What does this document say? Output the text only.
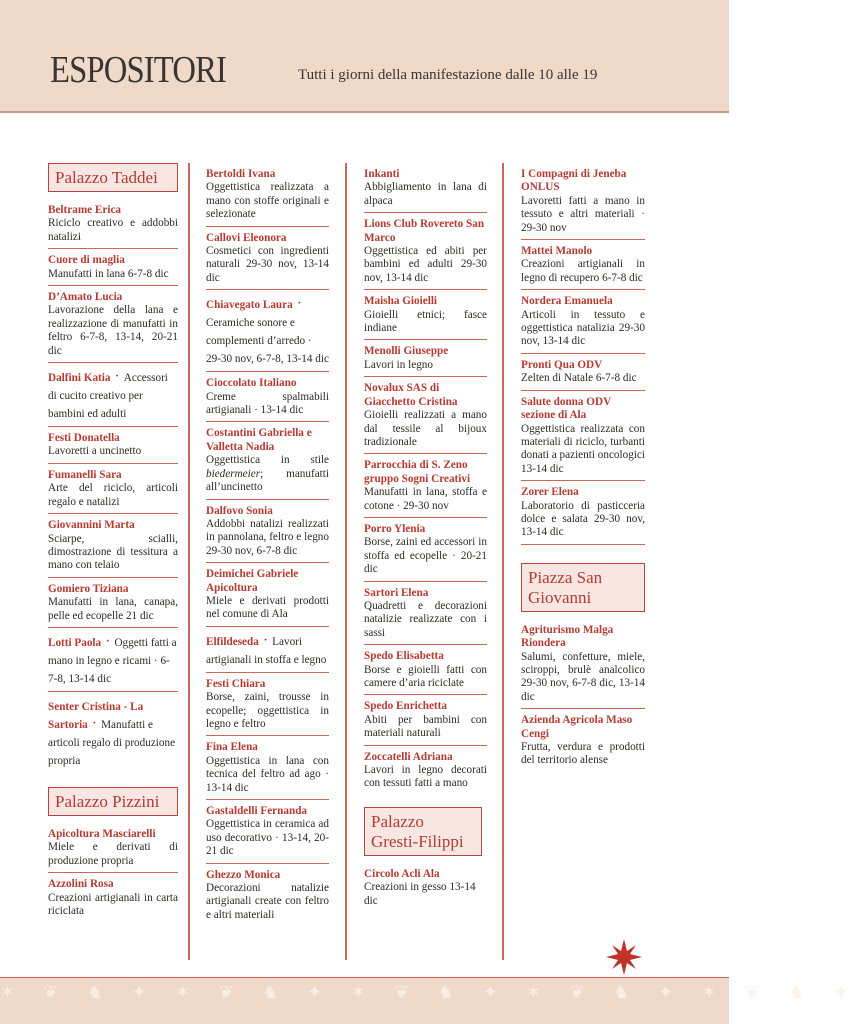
ESPOSITORI	Tutti i giorni della manifestazione dalle 10 alle 19
Palazzo Taddei
Beltrame Erica
Riciclo creativo e addobbi natalizi
Cuore di maglia
Manufatti in lana 6-7-8 dic
D’Amato Lucia
Lavorazione della lana e realizzazione di manufatti in feltro 6-7-8, 13-14, 20-21 dic
Dalfini Katia · Accessori di cucito creativo per bambini ed adulti
Festi Donatella
Lavoretti a uncinetto
Fumanelli Sara
Arte del riciclo, articoli regalo e natalizi
Giovannini Marta
Sciarpe, scialli, dimostrazione di tessitura a mano con telaio
Gomiero Tiziana
Manufatti in lana, canapa, pelle ed ecopelle 21 dic
Lotti Paola · Oggetti fatti a mano in legno e ricami · 6-7-8, 13-14 dic
Senter Cristina - La Sartoria · Manufatti e articoli regalo di produzione propria
Palazzo Pizzini
Apicoltura Masciarelli
Miele e derivati di produzione propria
Azzolini Rosa
Creazioni artigianali in carta riciclata
Bertoldi Ivana
Oggettistica realizzata a mano con stoffe originali e selezionate
Callovi Eleonora
Cosmetici con ingredienti naturali 29-30 nov, 13-14 dic
Chiavegato Laura · Ceramiche sonore e complementi d’arredo · 29-30 nov, 6-7-8, 13-14 dic
Cioccolato Italiano
Creme spalmabili artigianali · 13-14 dic
Costantini Gabriella e Valletta Nadia
Oggettistica in stile biedermeier; manufatti all’uncinetto
Dalfovo Sonia
Addobbi natalizi realizzati in pannolana, feltro e legno 29-30 nov, 6-7-8 dic
Deimichei Gabriele Apicoltura
Miele e derivati prodotti nel comune di Ala
Elfildeseda · Lavori artigianali in stoffa e legno
Festi Chiara
Borse, zaini, trousse in ecopelle; oggettistica in legno e feltro
Fina Elena
Oggettistica in lana con tecnica del feltro ad ago · 13-14 dic
Gastaldelli Fernanda
Oggettistica in ceramica ad uso decorativo · 13-14, 20-21 dic
Ghezzo Monica
Decorazioni natalizie artigianali create con feltro e altri materiali
Inkanti
Abbigliamento in lana di alpaca
Lions Club Rovereto San Marco
Oggettistica ed abiti per bambini ed adulti 29-30 nov, 13-14 dic
Maisha Gioielli
Gioielli etnici; fasce indiane
Menolli Giuseppe
Lavori in legno
Novalux SAS di Giacchetto Cristina
Gioielli realizzati a mano dal tessile al bijoux tradizionale
Parrocchia di S. Zeno gruppo Sogni Creativi
Manufatti in lana, stoffa e cotone · 29-30 nov
Porro Ylenia
Borse, zaini ed accessori in stoffa ed ecopelle · 20-21 dic
Sartori Elena
Quadretti e decorazioni natalizie realizzate con i sassi
Spedo Elisabetta
Borse e gioielli fatti con camere d’aria riciclate
Spedo Enrichetta
Abiti per bambini con materiali naturali
Zoccatelli Adriana
Lavori in legno decorati con tessuti fatti a mano
Palazzo Gresti-Filippi
Circolo Acli Ala
Creazioni in gesso 13-14 dic
I Compagni di Jeneba ONLUS
Lavoretti fatti a mano in tessuto e altri materiali · 29-30 nov
Mattei Manolo
Creazioni artigianali in legno di recupero 6-7-8 dic
Nordera Emanuela
Articoli in tessuto e oggettistica natalizia 29-30 nov, 13-14 dic
Pronti Qua ODV
Zelten di Natale 6-7-8 dic
Salute donna ODV sezione di Ala
Oggettistica realizzata con materiali di riciclo, turbanti donati a pazienti oncologici 13-14 dic
Zorer Elena
Laboratorio di pasticceria dolce e salata 29-30 nov, 13-14 dic
Piazza San Giovanni
Agriturismo Malga Riondera
Salumi, confetture, miele, sciroppi, brulè analcolico 29-30 nov, 6-7-8 dic, 13-14 dic
Azienda Agricola Maso Cengi
Frutta, verdura e prodotti del territorio alense
✶ ❦ ♞ ✦ ✶ ❦ ♞ ✦ ✶ ❦ ♞ ✦ ✶ ❦ ♞ ✦ ✶ ❦ ♞ ✦
